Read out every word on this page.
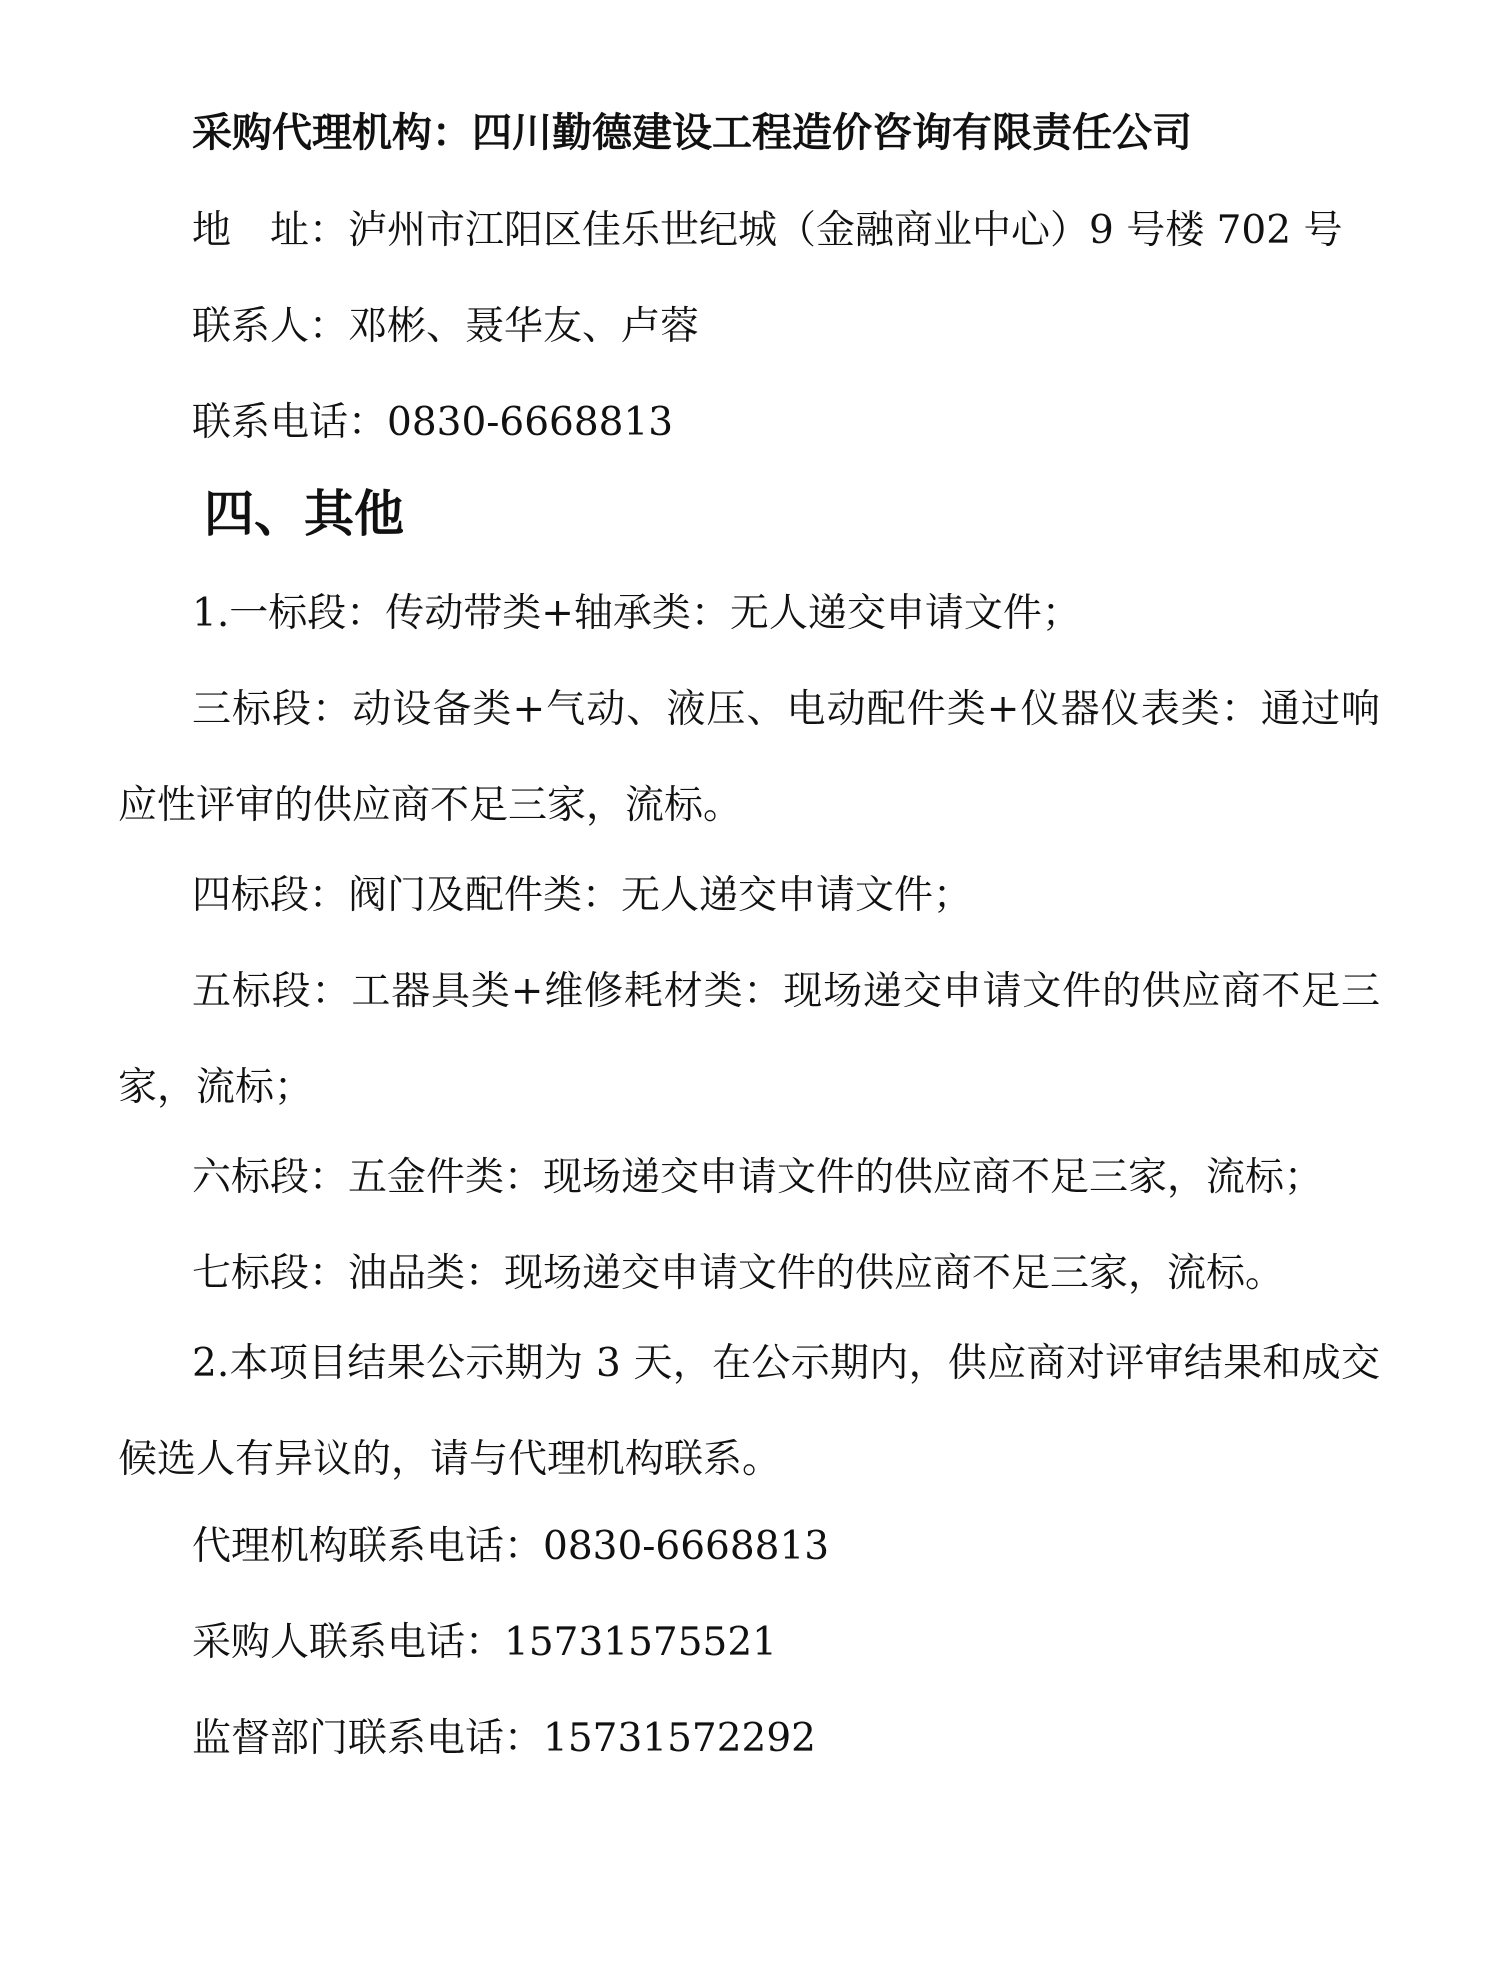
采购代理机构：四川勤德建设工程造价咨询有限责任公司
地　址：泸州市江阳区佳乐世纪城（金融商业中心）9 号楼 702 号
联系人：邓彬、聂华友、卢蓉
联系电话：0830-6668813
四、其他
1.一标段：传动带类+轴承类：无人递交申请文件；
三标段：动设备类+气动、液压、电动配件类+仪器仪表类：通过响应性评审的供应商不足三家，流标。
四标段：阀门及配件类：无人递交申请文件；
五标段：工器具类+维修耗材类：现场递交申请文件的供应商不足三家，流标；
六标段：五金件类：现场递交申请文件的供应商不足三家，流标；
七标段：油品类：现场递交申请文件的供应商不足三家，流标。
2.本项目结果公示期为 3 天，在公示期内，供应商对评审结果和成交候选人有异议的，请与代理机构联系。
代理机构联系电话：0830-6668813
采购人联系电话：15731575521
监督部门联系电话：15731572292
